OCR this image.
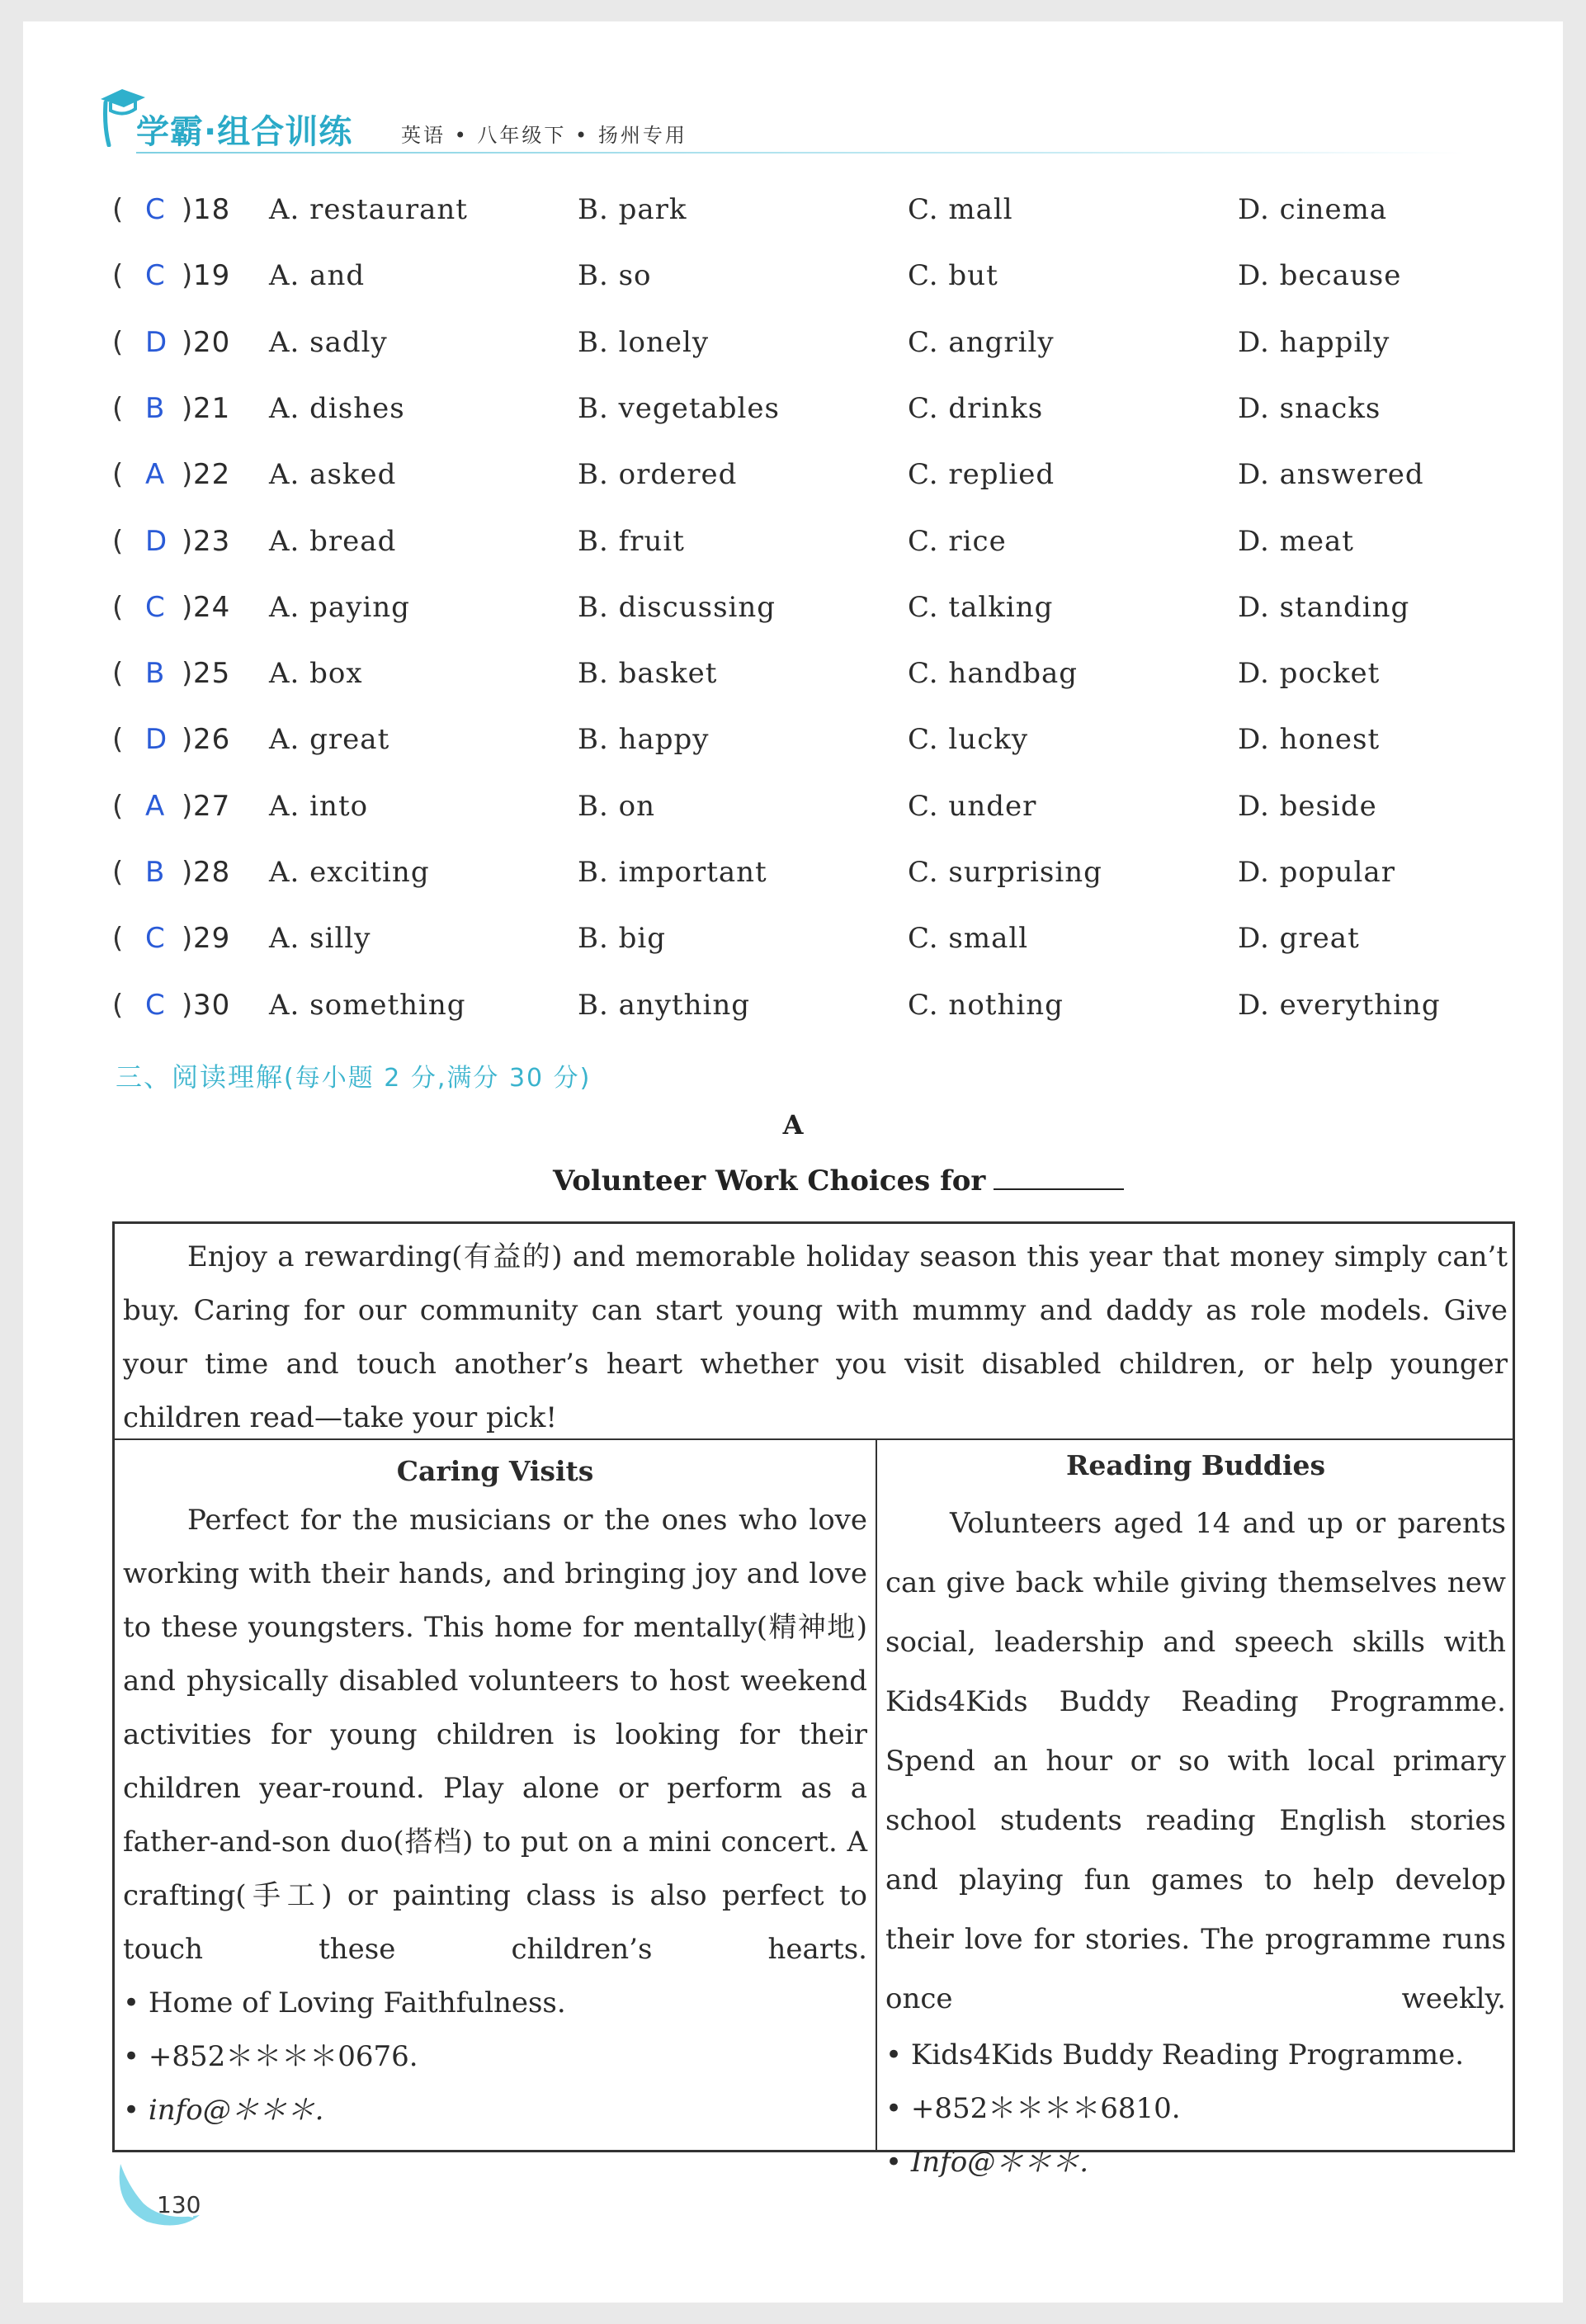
学霸·组合训练 英语 • 八年级下 • 扬州专用
( C ) 18 A. restaurant	B. park	C. mall	D. cinema
( C ) 19 A. and	B. so	C. but	D. because
( D ) 20 A. sadly	B. lonely	C. angrily	D. happily
( B ) 21 A. dishes	B. vegetables	C. drinks	D. snacks
( A ) 22 A. asked	B. ordered	C. replied	D. answered
( D ) 23 A. bread	B. fruit	C. rice	D. meat
( C ) 24 A. paying	B. discussing	C. talking	D. standing
( B ) 25 A. box	B. basket	C. handbag	D. pocket
( D ) 26 A. great	B. happy	C. lucky	D. honest
( A ) 27 A. into	B. on	C. under	D. beside
( B ) 28 A. exciting	B. important	C. surprising	D. popular
( C ) 29 A. silly	B. big	C. small	D. great
( C ) 30 A. something	B. anything	C. nothing	D. everything
三、阅读理解(每小题 2 分,满分 30 分)
A
Volunteer Work Choices for
Enjoy a rewarding(有益的) and memorable holiday season this year that money simply can’t buy. Caring for our community can start young with mummy and daddy as role models. Give your time and touch another’s heart whether you visit disabled children, or help younger children read—take your pick!
Caring Visits
Perfect for the musicians or the ones who love working with their hands, and bringing joy and love to these youngsters. This home for mentally(精神地) and physically disabled volunteers to host weekend activities for young children is looking for their children year-round. Play alone or perform as a father-and-son duo(搭档) to put on a mini concert. A crafting(手工) or painting class is also perfect to touch these children’s hearts.
• Home of Loving Faithfulness.
• +852＊＊＊＊0676.
• info@＊＊＊.
Reading Buddies
Volunteers aged 14 and up or parents can give back while giving themselves new social, leadership and speech skills with Kids4Kids Buddy Reading Programme. Spend an hour or so with local primary school students reading English stories and playing fun games to help develop their love for stories. The programme runs once weekly.
• Kids4Kids Buddy Reading Programme.
• +852＊＊＊＊6810.
• Info@＊＊＊.
130
